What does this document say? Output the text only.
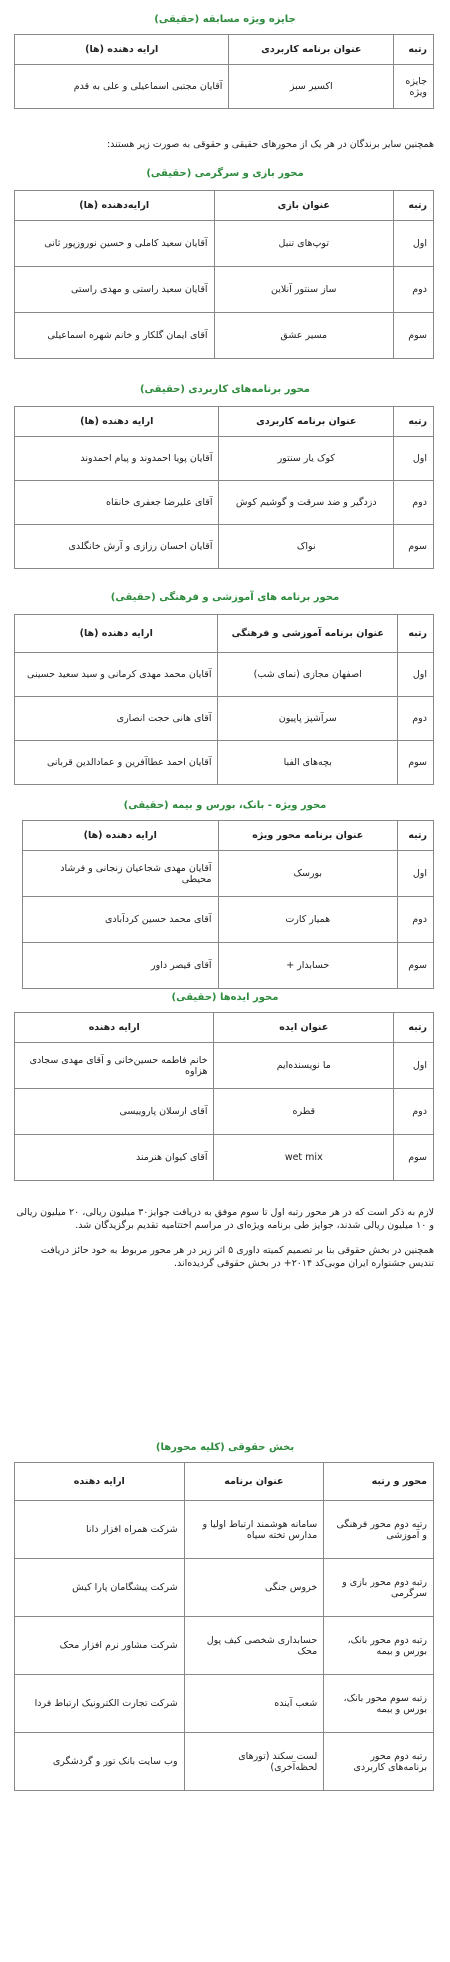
جایزه ویژه مسابقه (حقیقی)
رتبه	عنوان برنامه کاربردی	ارایه دهنده (ها)
جایزه ویژه	اکسیر سبز	آقایان مجتبی اسماعیلی و علی به قدم
محور بازی و سرگرمی (حقیقی)
رتبه	عنوان بازی	ارایه‌دهنده (ها)
اول	توپ‌های تنبل	آقایان سعید کاملی و حسین نوروزپور ثانی
دوم	ساز سنتور آنلاین	آقایان سعید راستی و مهدی راستی
سوم	مسیر عشق	آقای ایمان گلکار و خانم شهره اسماعیلی
محور برنامه‌های کاربردی (حقیقی)
رتبه	عنوان برنامه کاربردی	ارایه دهنده (ها)
اول	کوک یار سنتور	آقایان پویا احمدوند و پیام احمدوند
دوم	دزدگیر و ضد سرقت و گوشیم کوش	آقای علیرضا جعفری خانقاه
سوم	نواک	آقایان احسان رزازی و آرش خانگلدی
محور برنامه های آموزشی و فرهنگی (حقیقی)
رتبه	عنوان برنامه آموزشی و فرهنگی	ارایه دهنده (ها)
اول	اصفهان مجازی (نمای شب)	آقایان محمد مهدی کرمانی و سید سعید حسینی
دوم	سرآشپز پاپیون	آقای هانی حجت انصاری
سوم	بچه‌های الفبا	آقایان احمد عطاآفرین و عمادالدین قربانی
محور ویژه - بانک، بورس و بیمه (حقیقی)
رتبه	عنوان برنامه محور ویژه	ارایه دهنده (ها)
اول	بورسک	آقایان مهدی شجاعیان زنجانی و فرشاد محیطی
دوم	همیار کارت	آقای محمد حسین کردآبادی
سوم	حسابدار +	آقای قیصر داور
محور ایده‌ها (حقیقی)
رتبه	عنوان ایده	ارایه دهنده
اول	ما نویسنده‌ایم	خانم فاطمه حسین‌خانی و آقای مهدی سجادی هزاوه
دوم	قطره	آقای ارسلان پاروییسی
سوم	wet mix	آقای کیوان هنرمند
بخش حقوقی (کلیه محورها)
محور و رتبه	عنوان برنامه	ارایه دهنده
رتبه دوم محور فرهنگی و آموزشی	سامانه هوشمند ارتباط اولیا و مدارس تخته سیاه	شرکت همراه افزار دانا
رتبه دوم محور بازی و سرگرمی	خروس جنگی	شرکت پیشگامان پارا کیش
رتبه دوم محور بانک، بورس و بیمه	حسابداری شخصی کیف پول محک	شرکت مشاور نرم افزار محک
رتبه سوم محور بانک، بورس و بیمه	شعب آینده	شرکت تجارت الکترونیک ارتباط فردا
رتبه دوم محور برنامه‌های کاربردی	لست سکند (تورهای لحظه‌آخری)	وب سایت بانک تور و گردشگری
همچنین سایر برندگان در هر یک از محورهای حقیقی و حقوقی به صورت زیر هستند:
لازم به ذکر است که در هر محور رتبه اول تا سوم موفق به دریافت جوایز۳۰ میلیون ریالی، ۲۰ میلیون ریالی و ۱۰ میلیون ریالی شدند، جوایز طی برنامه ویژه‌ای در مراسم اختتامیه تقدیم برگزیدگان شد.
همچنین در بخش حقوقی بنا بر تصمیم کمیته داوری ۵ اثر زیر در هر محور مربوط به خود حائز دریافت تندیس جشنواره ایران موبی‌کد ۲۰۱۴+ در بخش حقوقی گردیده‌اند.
